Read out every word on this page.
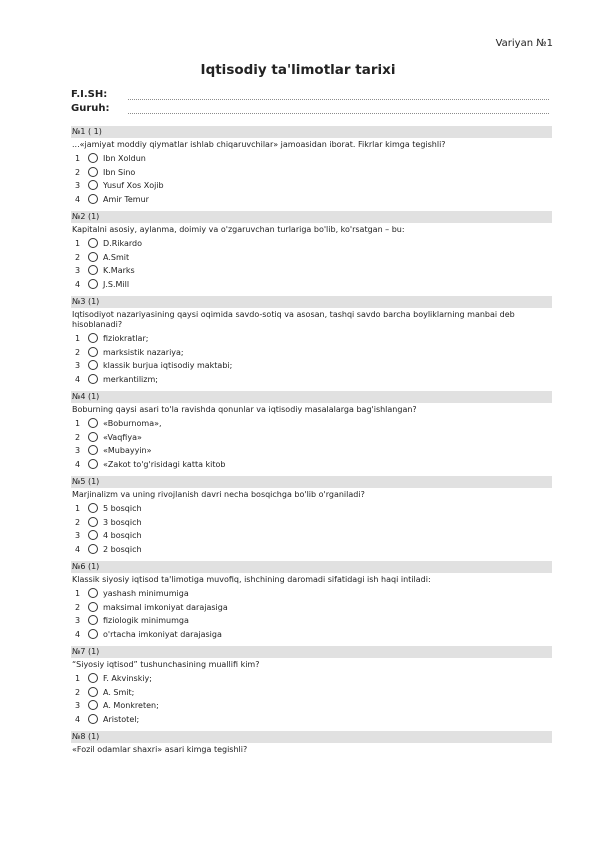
Variyan №1
Iqtisodiy ta'limotlar tarixi
F.I.SH:
Guruh:
№1 ( 1)
...«jamiyat moddiy qiymatlar ishlab chiqaruvchilar» jamoasidan iborat. Fikrlar kimga tegishli?
1	Ibn Xoldun
2	Ibn Sino
3	Yusuf Xos Xojib
4	Amir Temur
№2 (1)
Kapitalni asosiy, aylanma, doimiy va o'zgaruvchan turlariga bo'lib, ko'rsatgan – bu:
1	D.Rikardo
2	A.Smit
3	K.Marks
4	J.S.Mill
№3 (1)
Iqtisodiyot nazariyasining qaysi oqimida savdo-sotiq va asosan, tashqi savdo barcha boyliklarning manbai deb hisoblanadi?
1	fiziokratlar;
2	marksistik nazariya;
3	klassik burjua iqtisodiy maktabi;
4	merkantilizm;
№4 (1)
Boburning qaysi asari to'la ravishda qonunlar va iqtisodiy masalalarga bag'ishlangan?
1	«Boburnoma»,
2	«Vaqfiya»
3	«Mubayyin»
4	«Zakot to'g'risidagi katta kitob
№5 (1)
Marjinalizm va uning rivojlanish davri necha bosqichga bo'lib o'rganiladi?
1	5 bosqich
2	3 bosqich
3	4 bosqich
4	2 bosqich
№6 (1)
Klassik siyosiy iqtisod ta'limotiga muvofiq, ishchining daromadi sifatidagi ish haqi intiladi:
1	yashash minimumiga
2	maksimal imkoniyat darajasiga
3	fiziologik minimumga
4	o'rtacha imkoniyat darajasiga
№7 (1)
“Siyosiy iqtisod” tushunchasining muallifi kim?
1	F. Akvinskiy;
2	A. Smit;
3	A. Monkreten;
4	Aristotel;
№8 (1)
«Fozil odamlar shaxri» asari kimga tegishli?
